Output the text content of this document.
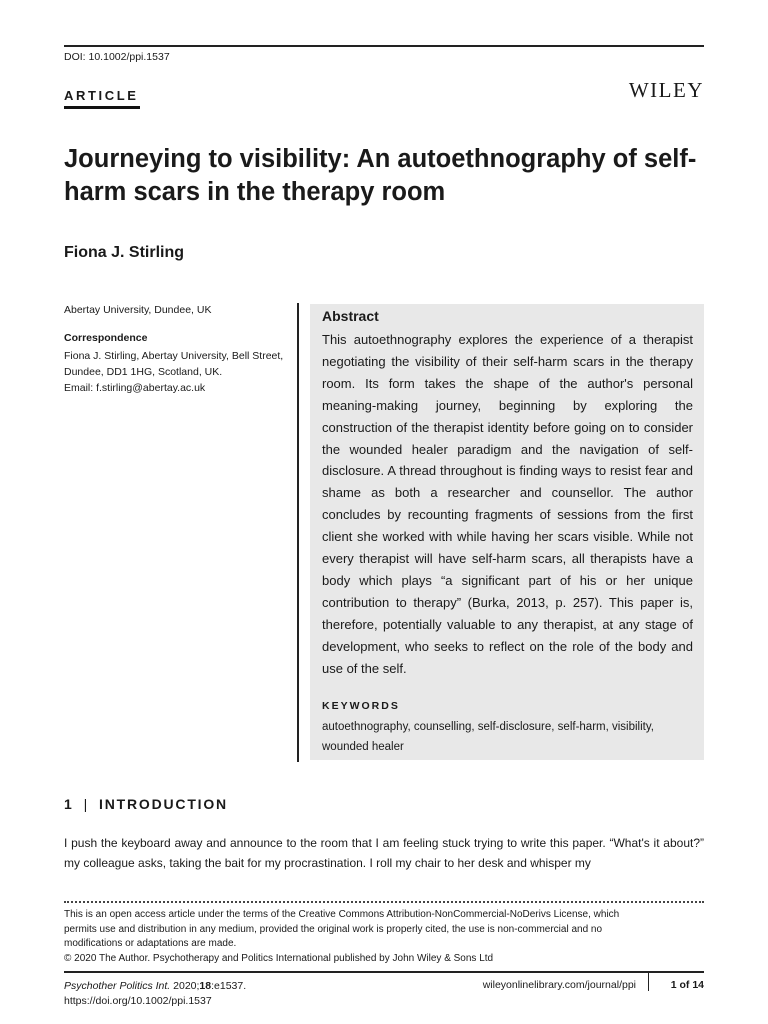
DOI: 10.1002/ppi.1537
ARTICLE	WILEY
Journeying to visibility: An autoethnography of self-harm scars in the therapy room
Fiona J. Stirling
Abertay University, Dundee, UK
Correspondence
Fiona J. Stirling, Abertay University, Bell Street, Dundee, DD1 1HG, Scotland, UK.
Email: f.stirling@abertay.ac.uk
Abstract
This autoethnography explores the experience of a therapist negotiating the visibility of their self-harm scars in the therapy room. Its form takes the shape of the author's personal meaning-making journey, beginning by exploring the construction of the therapist identity before going on to consider the wounded healer paradigm and the navigation of self-disclosure. A thread throughout is finding ways to resist fear and shame as both a researcher and counsellor. The author concludes by recounting fragments of sessions from the first client she worked with while having her scars visible. While not every therapist will have self-harm scars, all therapists have a body which plays “a significant part of his or her unique contribution to therapy” (Burka, 2013, p. 257). This paper is, therefore, potentially valuable to any therapist, at any stage of development, who seeks to reflect on the role of the body and use of the self.
KEYWORDS
autoethnography, counselling, self-disclosure, self-harm, visibility, wounded healer
1 | INTRODUCTION
I push the keyboard away and announce to the room that I am feeling stuck trying to write this paper. “What's it about?” my colleague asks, taking the bait for my procrastination. I roll my chair to her desk and whisper my
This is an open access article under the terms of the Creative Commons Attribution-NonCommercial-NoDerivs License, which
permits use and distribution in any medium, provided the original work is properly cited, the use is non-commercial and no
modifications or adaptations are made.
© 2020 The Author. Psychotherapy and Politics International published by John Wiley & Sons Ltd
Psychother Politics Int. 2020;18:e1537.
https://doi.org/10.1002/ppi.1537
wileyonlinelibrary.com/journal/ppi	1 of 14
